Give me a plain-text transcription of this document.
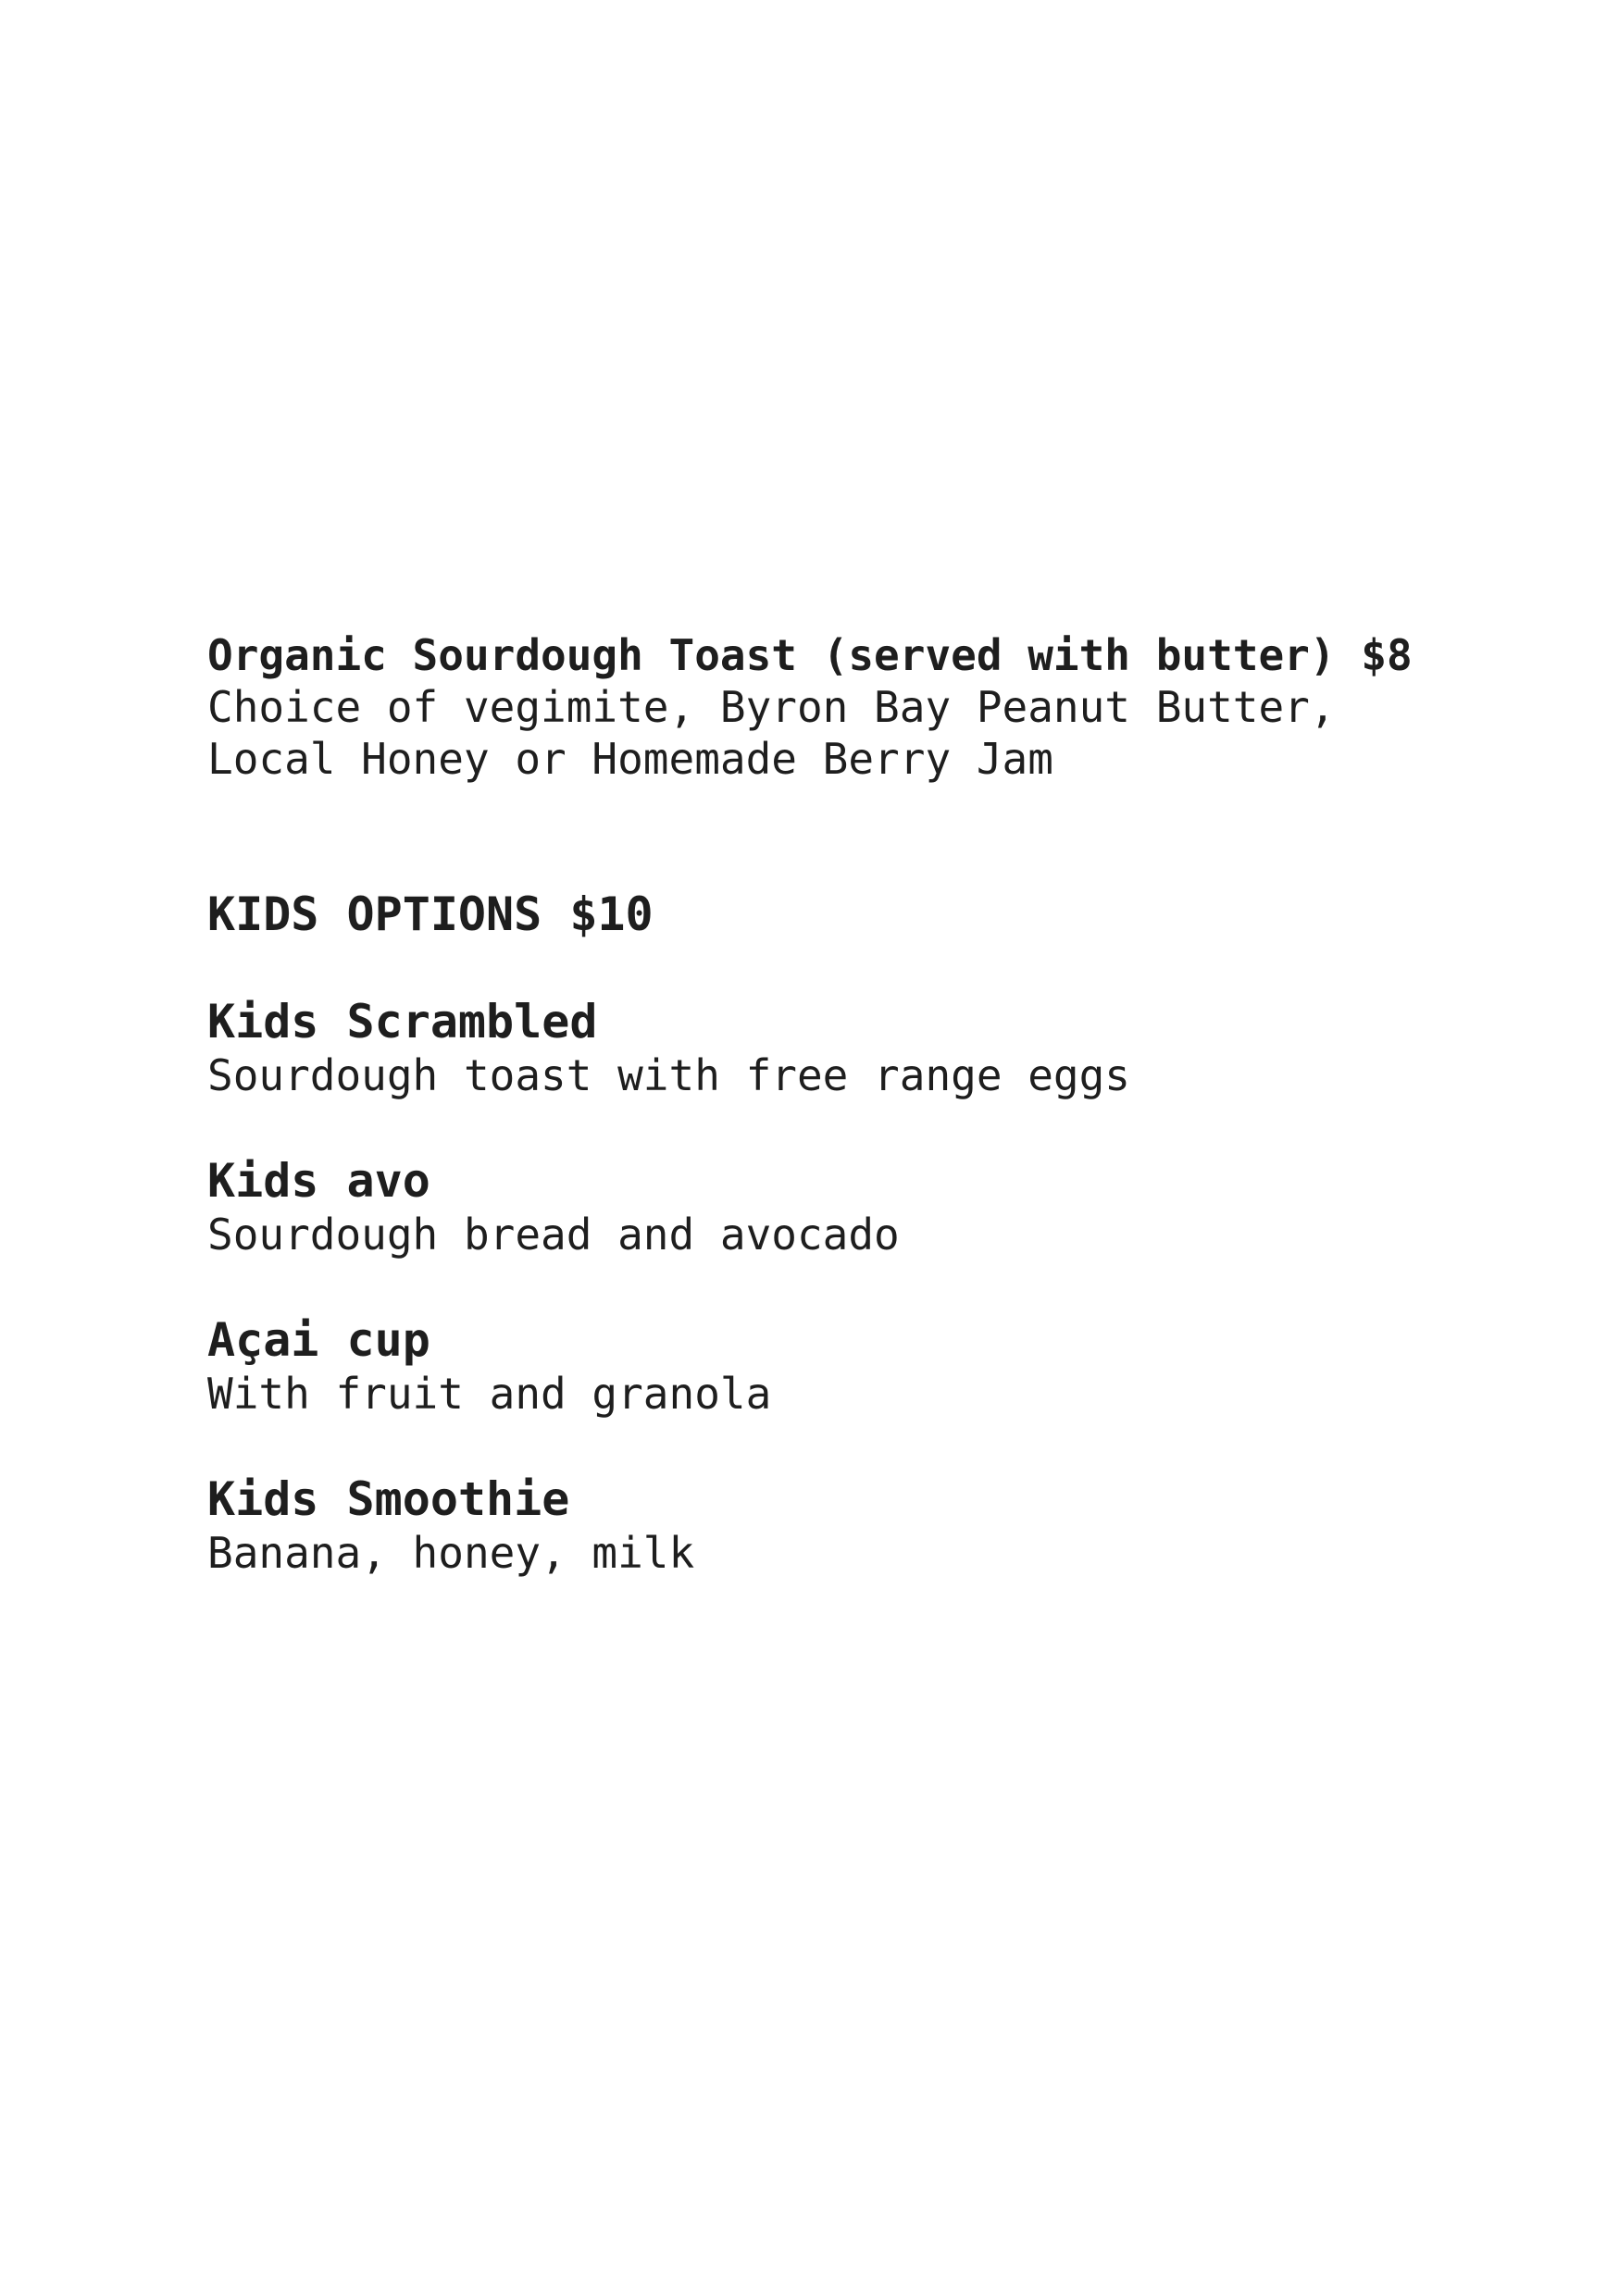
Organic Sourdough Toast (served with butter) $8
Choice of vegimite, Byron Bay Peanut Butter,
Local Honey or Homemade Berry Jam
KIDS OPTIONS $10
Kids Scrambled
Sourdough toast with free range eggs
Kids avo
Sourdough bread and avocado
Açai cup
With fruit and granola
Kids Smoothie
Banana, honey, milk
